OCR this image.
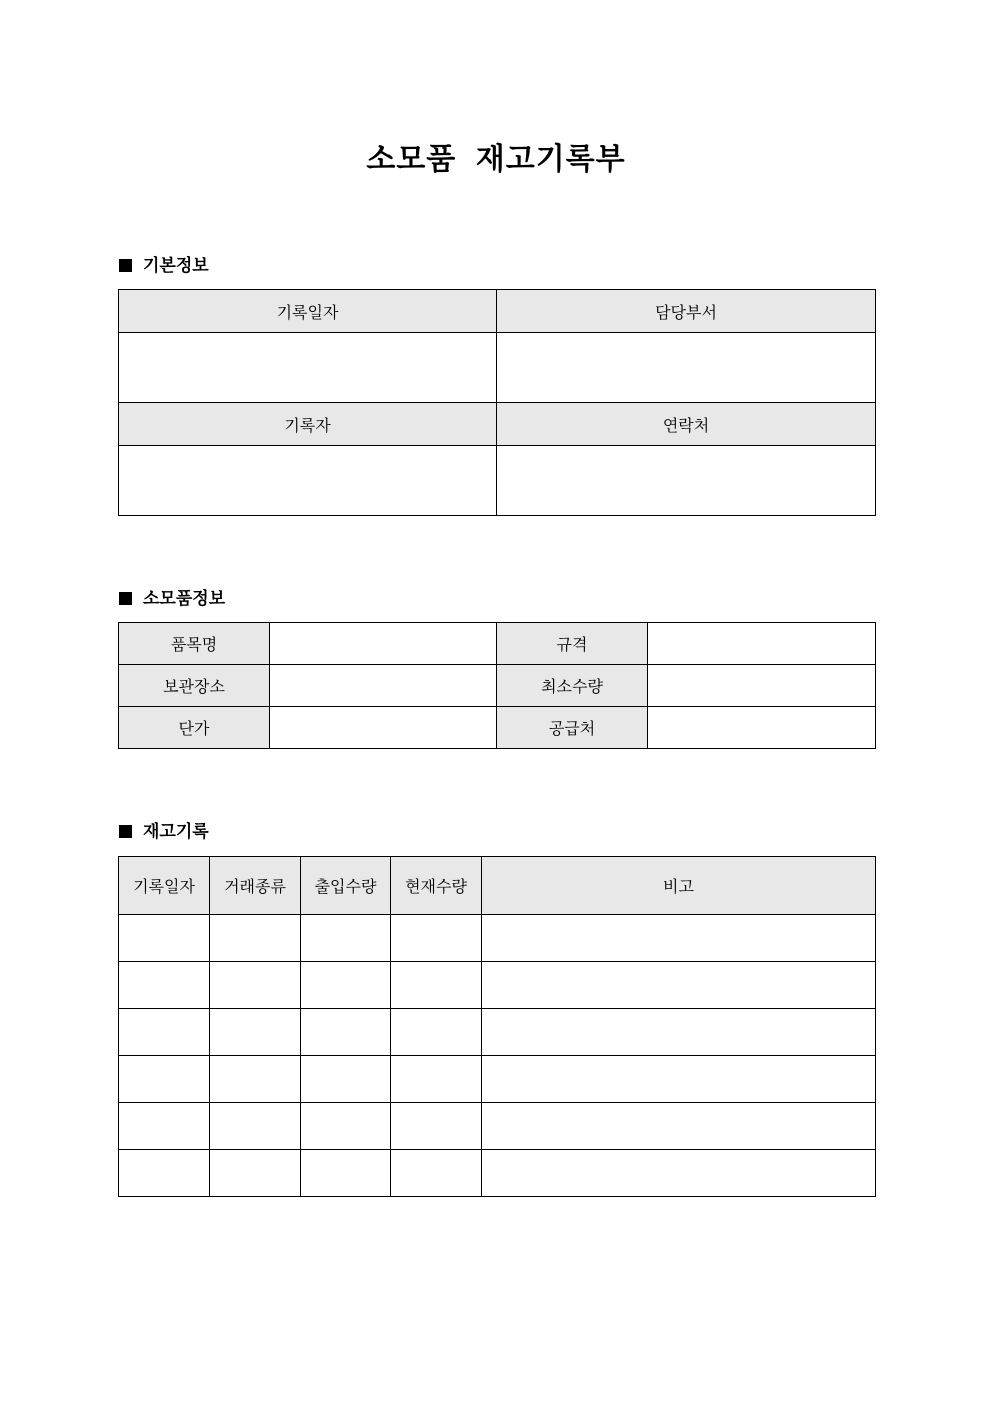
소모품 재고기록부
기본정보
기록일자	담당부서

기록자	연락처

소모품정보
품목명		규격	
보관장소		최소수량	
단가		공급처	
재고기록
기록일자	거래종류	출입수량	현재수량	비고
